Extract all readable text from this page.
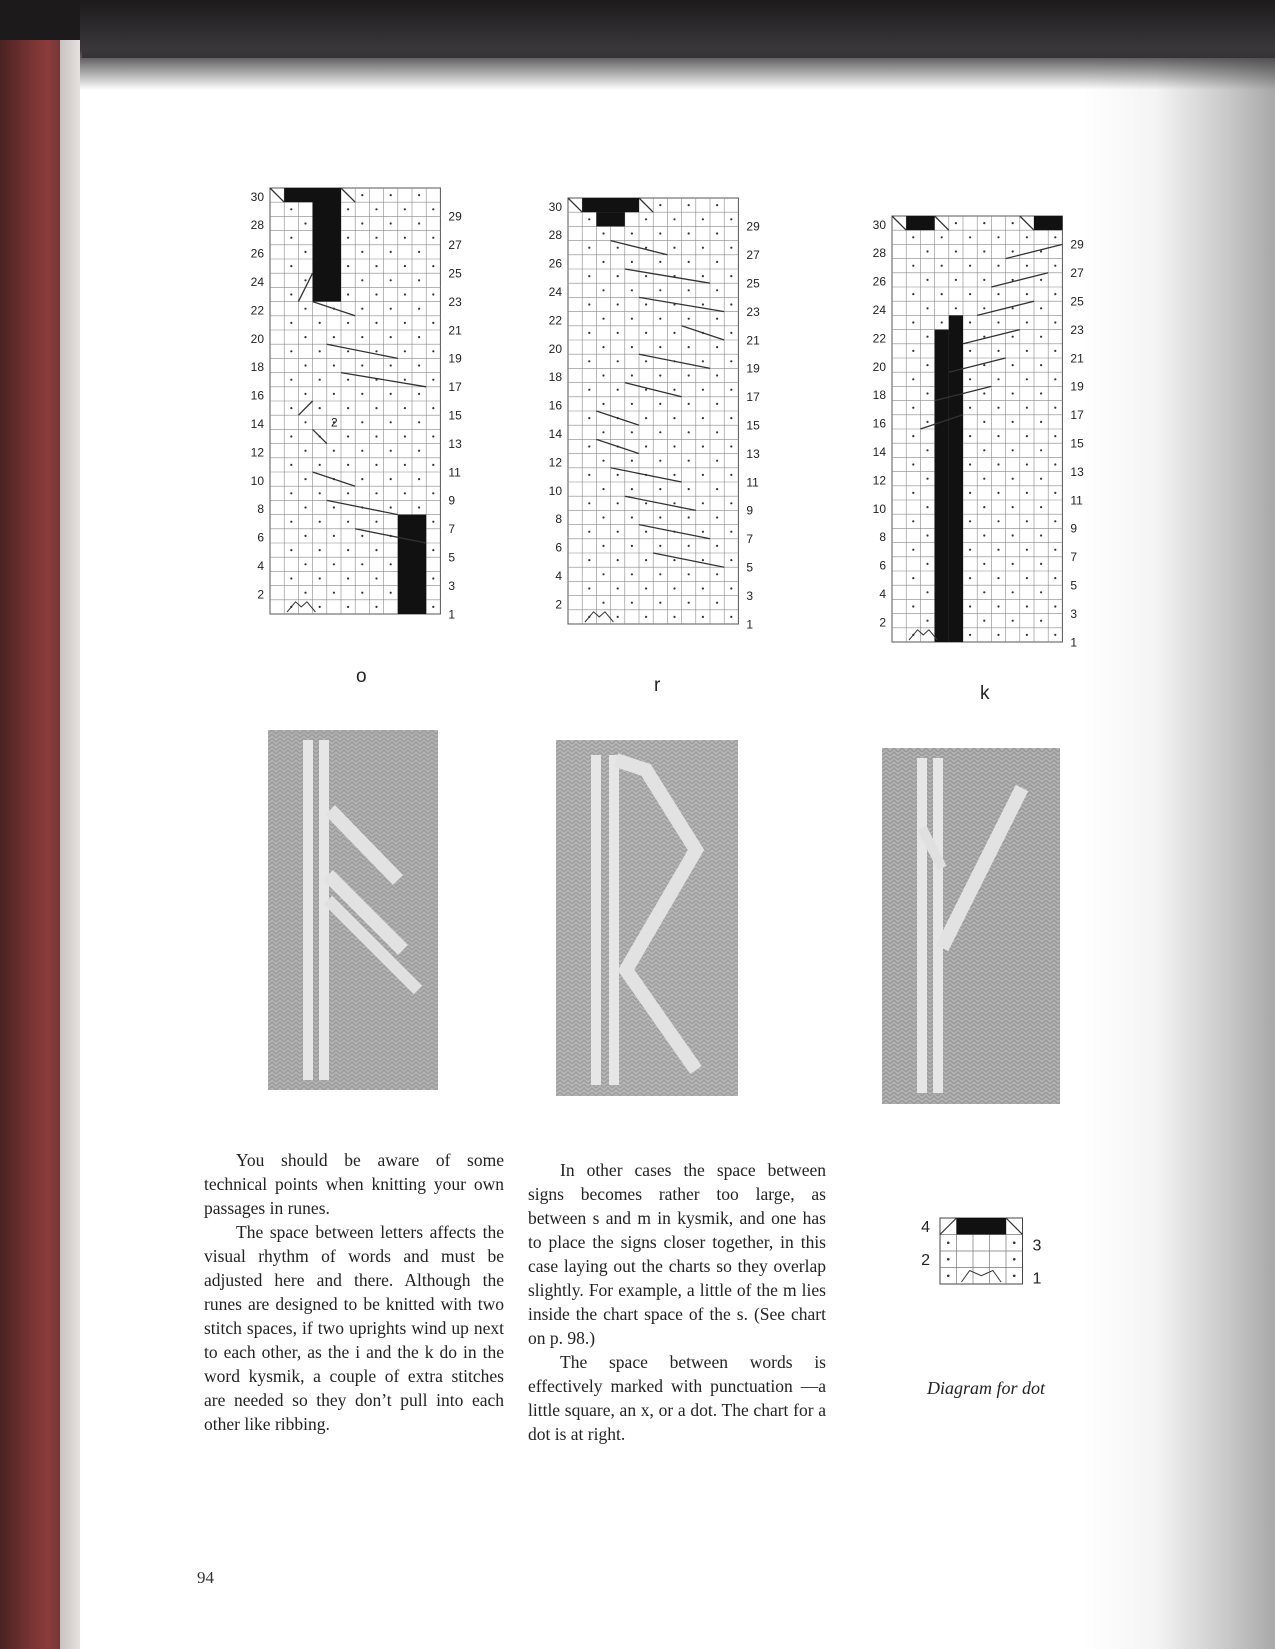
30
28
26
24
22
20
18
16
14
12
10
8
6
4
2
29
27
25
23
21
19
17
15
13
11
9
7
5
3
1
2
o
30
28
26
24
22
20
18
16
14
12
10
8
6
4
2
29
27
25
23
21
19
17
15
13
11
9
7
5
3
1
r
30
28
26
24
22
20
18
16
14
12
10
8
6
4
2
29
27
25
23
21
19
17
15
13
11
9
7
5
3
1
k

You should be aware of some technical points when knitting your own passages in runes.

The space between letters affects the visual rhythm of words and must be adjusted here and there. Although the runes are designed to be knitted with two stitch spaces, if two uprights wind up next to each other, as the i and the k do in the word kysmik, a couple of extra stitches are needed so they don’t pull into each other like ribbing.

In other cases the space between signs becomes rather too large, as between s and m in kysmik, and one has to place the signs closer together, in this case laying out the charts so they overlap slightly. For example, a little of the m lies inside the chart space of the s. (See chart on p. 98.)

The space between words is effectively marked with punctuation —a little square, an x, or a dot. The chart for a dot is at right.

4
2
3
1
Diagram for dot
94
